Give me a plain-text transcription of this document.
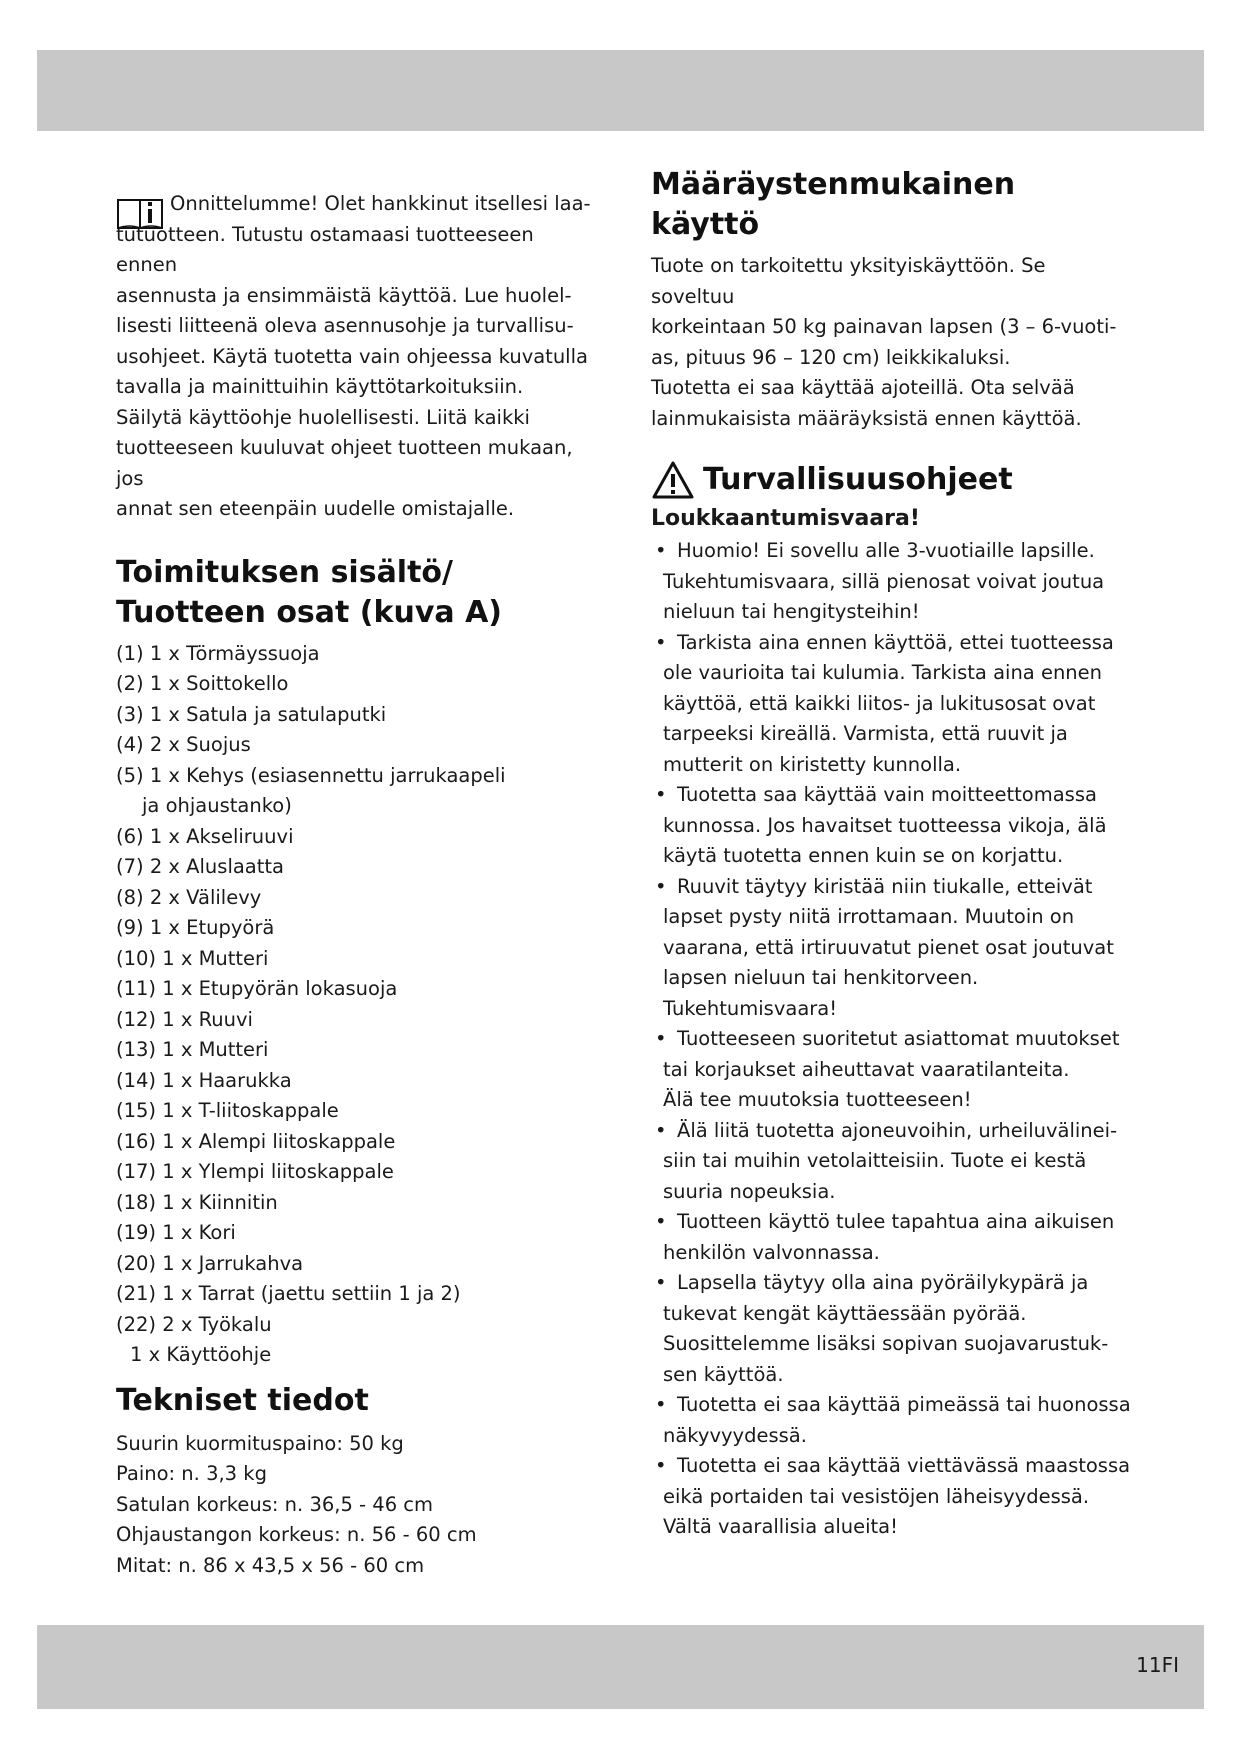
Onnittelumme! Olet hankkinut itsellesi laa-
tutuotteen. Tutustu ostamaasi tuotteeseen ennen

asennusta ja ensimmäistä käyttöä. Lue huolel-
lisesti liitteenä oleva asennusohje ja turvallisu-
usohjeet. Käytä tuotetta vain ohjeessa kuvatulla
tavalla ja mainittuihin käyttötarkoituksiin.
Säilytä käyttöohje huolellisesti. Liitä kaikki
tuotteeseen kuuluvat ohjeet tuotteen mukaan, jos
annat sen eteenpäin uudelle omistajalle.

Toimituksen sisältö/
Tuotteen osat (kuva A)
(1) 1 x Törmäyssuoja
(2) 1 x Soittokello
(3) 1 x Satula ja satulaputki
(4) 2 x Suojus
(5) 1 x Kehys (esiasennettu jarrukaapeli
ja ohjaustanko)
(6) 1 x Akseliruuvi
(7) 2 x Aluslaatta
(8) 2 x Välilevy
(9) 1 x Etupyörä
(10) 1 x Mutteri
(11) 1 x Etupyörän lokasuoja
(12) 1 x Ruuvi
(13) 1 x Mutteri
(14) 1 x Haarukka
(15) 1 x T-liitoskappale
(16) 1 x Alempi liitoskappale
(17) 1 x Ylempi liitoskappale
(18) 1 x Kiinnitin
(19) 1 x Kori
(20) 1 x Jarrukahva
(21) 1 x Tarrat (jaettu settiin 1 ja 2)
(22) 2 x Työkalu
1 x Käyttöohje
Tekniset tiedot
Suurin kuormituspaino: 50 kg
Paino: n. 3,3 kg
Satulan korkeus: n. 36,5 - 46 cm
Ohjaustangon korkeus: n. 56 - 60 cm
Mitat: n. 86 x 43,5 x 56 - 60 cm
Määräystenmukainen käyttö

Tuote on tarkoitettu yksityiskäyttöön. Se soveltuu
korkeintaan 50 kg painavan lapsen (3 – 6-vuoti-
as, pituus 96 – 120 cm) leikkikaluksi.
Tuotetta ei saa käyttää ajoteillä. Ota selvää
lainmukaisista määräyksistä ennen käyttöä.

Turvallisuusohjeet
Loukkaantumisvaara!
• Huomio! Ei sovellu alle 3-vuotiaille lapsille.
Tukehtumisvaara, sillä pienosat voivat joutua
nieluun tai hengitysteihin!
• Tarkista aina ennen käyttöä, ettei tuotteessa
ole vaurioita tai kulumia. Tarkista aina ennen
käyttöä, että kaikki liitos- ja lukitusosat ovat
tarpeeksi kireällä. Varmista, että ruuvit ja
mutterit on kiristetty kunnolla.
• Tuotetta saa käyttää vain moitteettomassa
kunnossa. Jos havaitset tuotteessa vikoja, älä
käytä tuotetta ennen kuin se on korjattu.
• Ruuvit täytyy kiristää niin tiukalle, etteivät
lapset pysty niitä irrottamaan. Muutoin on
vaarana, että irtiruuvatut pienet osat joutuvat
lapsen nieluun tai henkitorveen.
Tukehtumisvaara!
• Tuotteeseen suoritetut asiattomat muutokset
tai korjaukset aiheuttavat vaaratilanteita.
Älä tee muutoksia tuotteeseen!
• Älä liitä tuotetta ajoneuvoihin, urheiluvälinei-
siin tai muihin vetolaitteisiin. Tuote ei kestä
suuria nopeuksia.
• Tuotteen käyttö tulee tapahtua aina aikuisen
henkilön valvonnassa.
• Lapsella täytyy olla aina pyöräilykypärä ja
tukevat kengät käyttäessään pyörää.
Suosittelemme lisäksi sopivan suojavarustuk-
sen käyttöä.
• Tuotetta ei saa käyttää pimeässä tai huonossa
näkyvyydessä.
• Tuotetta ei saa käyttää viettävässä maastossa
eikä portaiden tai vesistöjen läheisyydessä.
Vältä vaarallisia alueita!
11FI
